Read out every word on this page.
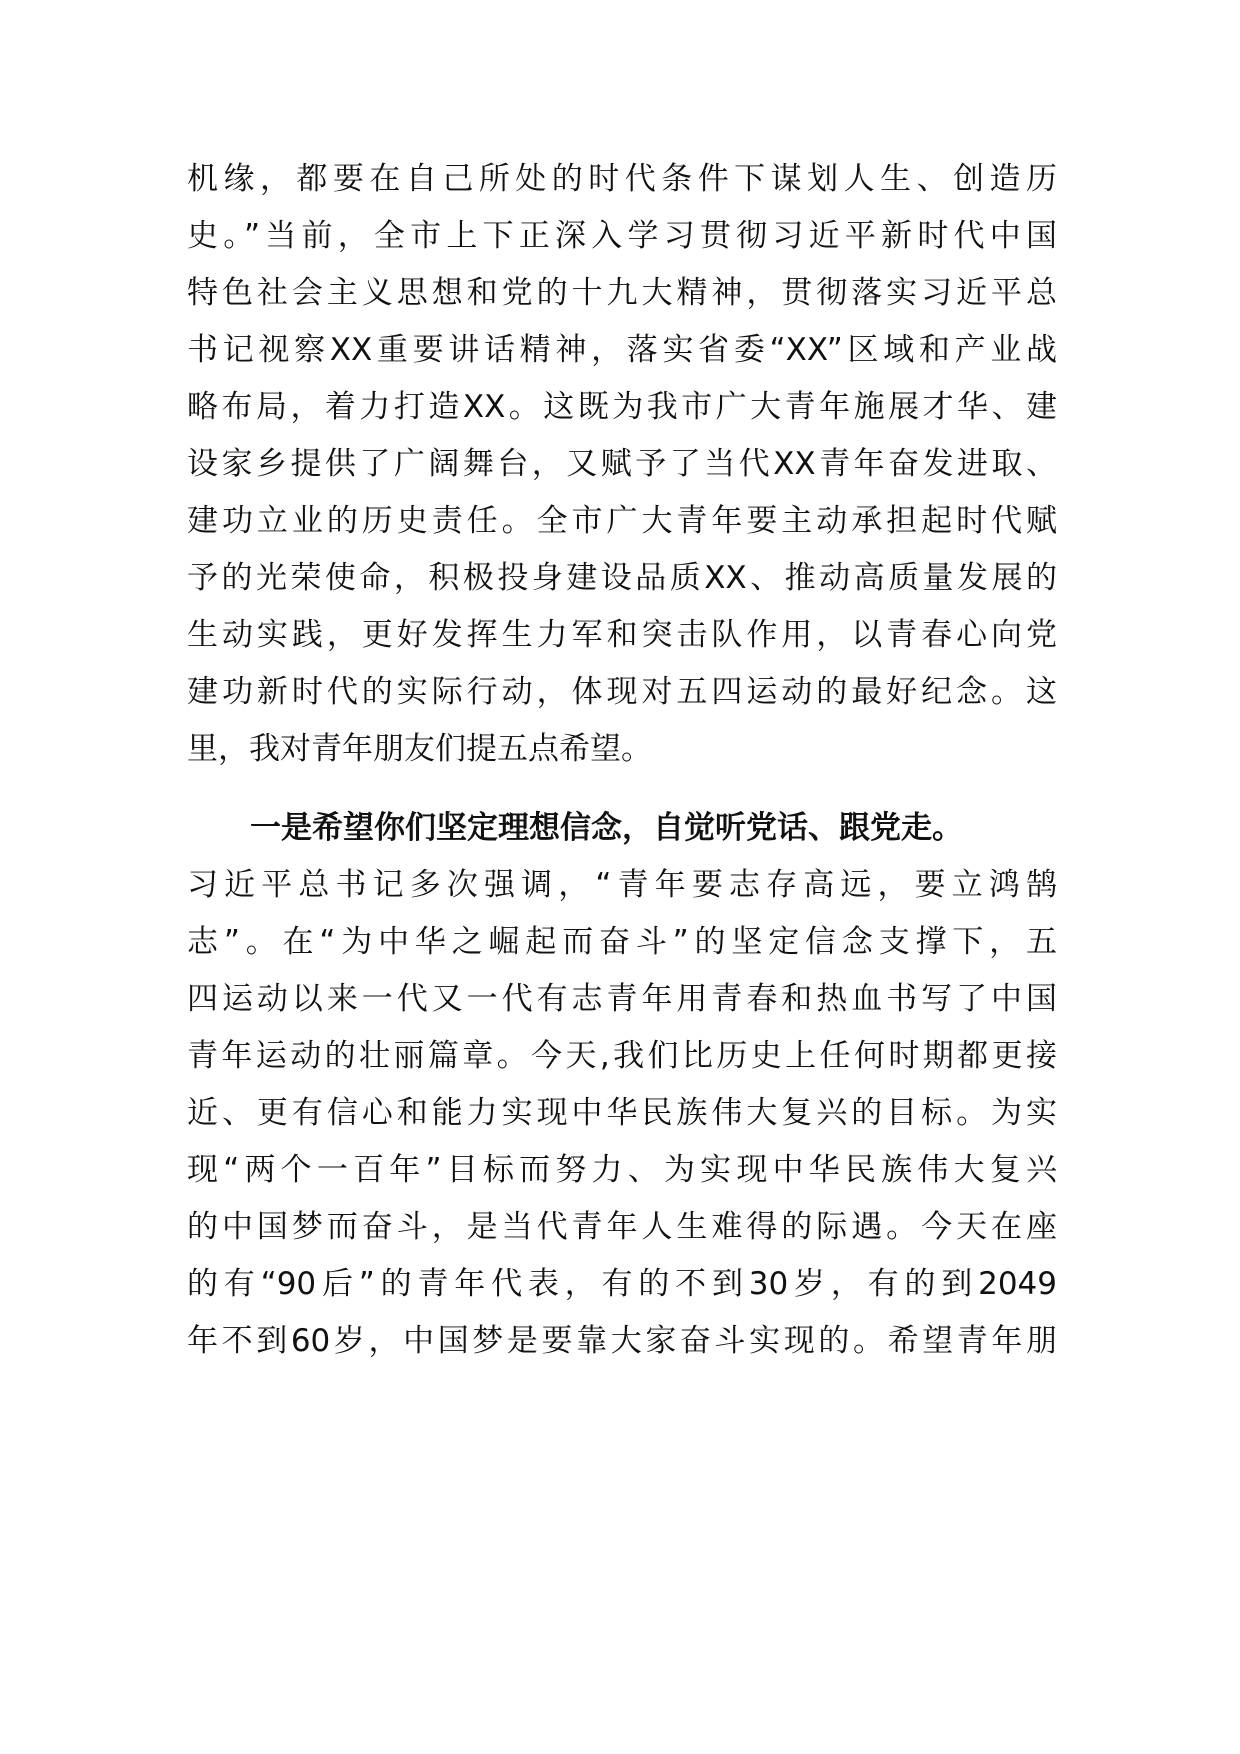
机缘，都要在自己所处的时代条件下谋划人生、创造历
史。”当前，全市上下正深入学习贯彻习近平新时代中国
特色社会主义思想和党的十九大精神，贯彻落实习近平总
书记视察XX重要讲话精神，落实省委“XX”区域和产业战
略布局，着力打造XX。这既为我市广大青年施展才华、建
设家乡提供了广阔舞台，又赋予了当代XX青年奋发进取、
建功立业的历史责任。全市广大青年要主动承担起时代赋
予的光荣使命，积极投身建设品质XX、推动高质量发展的
生动实践，更好发挥生力军和突击队作用，以青春心向党
建功新时代的实际行动，体现对五四运动的最好纪念。这
里，我对青年朋友们提五点希望。
一是希望你们坚定理想信念，自觉听党话、跟党走。
习近平总书记多次强调，“青年要志存高远，要立鸿鹄
志”。在“为中华之崛起而奋斗”的坚定信念支撑下，五
四运动以来一代又一代有志青年用青春和热血书写了中国
青年运动的壮丽篇章。今天,我们比历史上任何时期都更接
近、更有信心和能力实现中华民族伟大复兴的目标。为实
现“两个一百年”目标而努力、为实现中华民族伟大复兴
的中国梦而奋斗，是当代青年人生难得的际遇。今天在座
的有“90后”的青年代表，有的不到30岁，有的到2049
年不到60岁，中国梦是要靠大家奋斗实现的。希望青年朋
